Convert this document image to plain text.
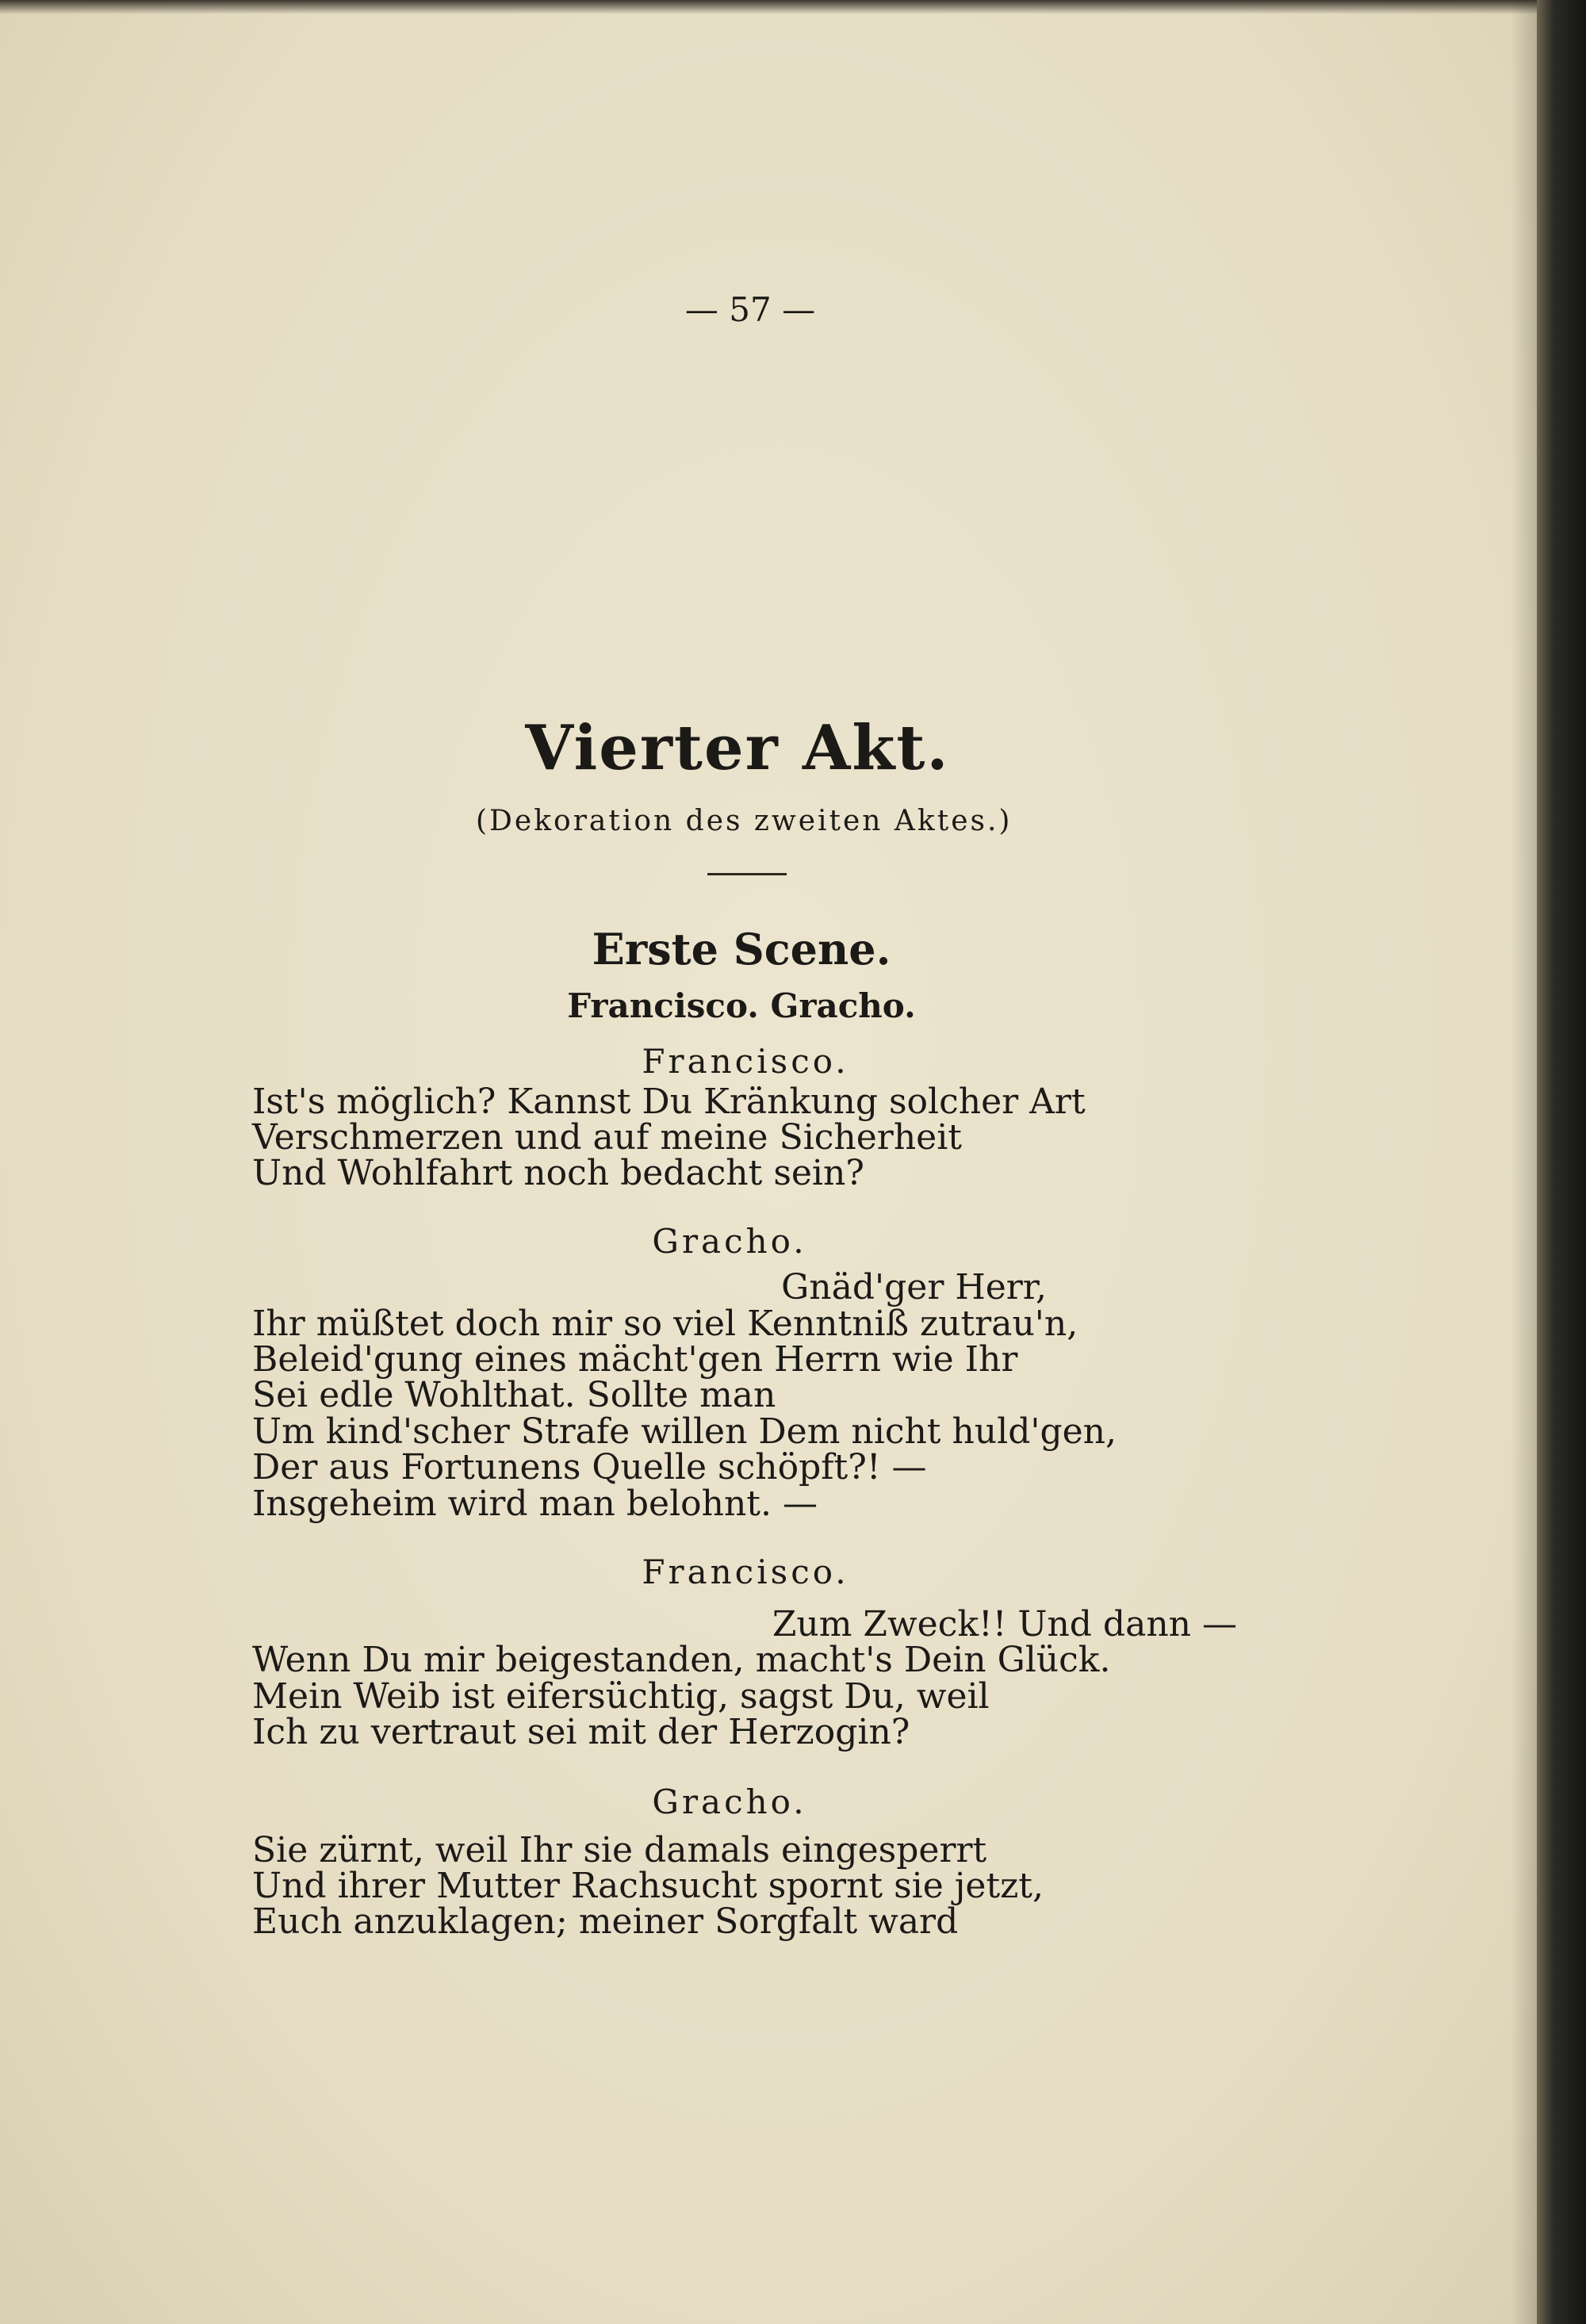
— 57 —
Vierter Akt.
(Dekoration des zweiten Aktes.)
Erste Scene.
Francisco. Gracho.
Francisco.
Ist's möglich? Kannst Du Kränkung solcher Art
Verschmerzen und auf meine Sicherheit
Und Wohlfahrt noch bedacht sein?
Gracho.
Gnäd'ger Herr,
Ihr müßtet doch mir so viel Kenntniß zutrau'n,
Beleid'gung eines mächt'gen Herrn wie Ihr
Sei edle Wohlthat. Sollte man
Um kind'scher Strafe willen Dem nicht huld'gen,
Der aus Fortunens Quelle schöpft?! —
Insgeheim wird man belohnt. —
Francisco.
Zum Zweck!! Und dann —
Wenn Du mir beigestanden, macht's Dein Glück.
Mein Weib ist eifersüchtig, sagst Du, weil
Ich zu vertraut sei mit der Herzogin?
Gracho.
Sie zürnt, weil Ihr sie damals eingesperrt
Und ihrer Mutter Rachsucht spornt sie jetzt,
Euch anzuklagen; meiner Sorgfalt ward
